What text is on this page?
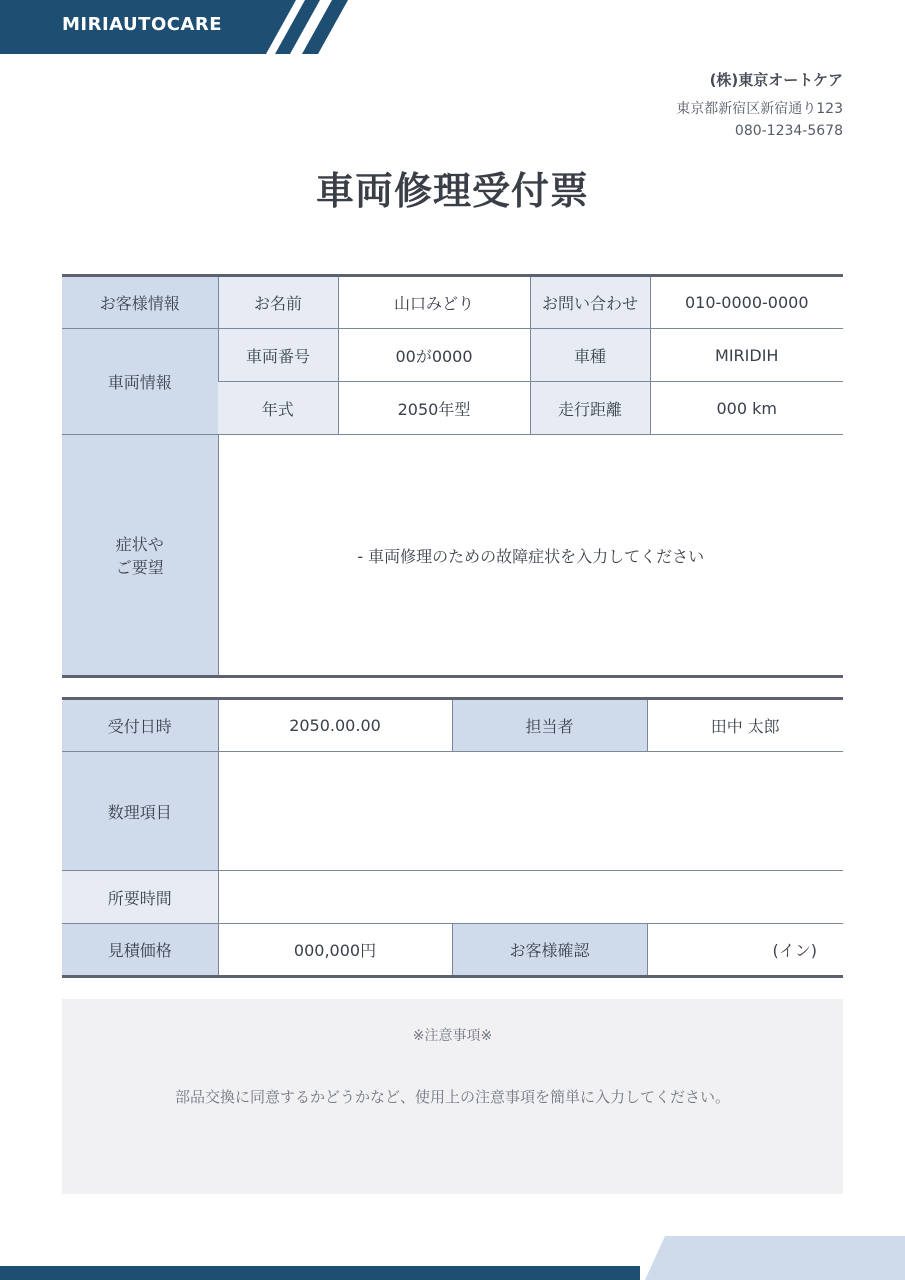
MIRIAUTOCARE
(株)東京オートケア
東京都新宿区新宿通り123
080-1234-5678
車両修理受付票
お客様情報	お名前	山口みどり	お問い合わせ	010-0000-0000
車両情報	車両番号	00が0000	車種	MIRIDIH
	年式	2050年型	走行距離	000 km
症状や
ご要望	- 車両修理のための故障症状を入力してください			
受付日時	2050.00.00	担当者	田中 太郎
数理項目			
所要時間			
見積価格	000,000円	お客様確認	(イン)
※注意事項※
部品交換に同意するかどうかなど、使用上の注意事項を簡単に入力してください。
